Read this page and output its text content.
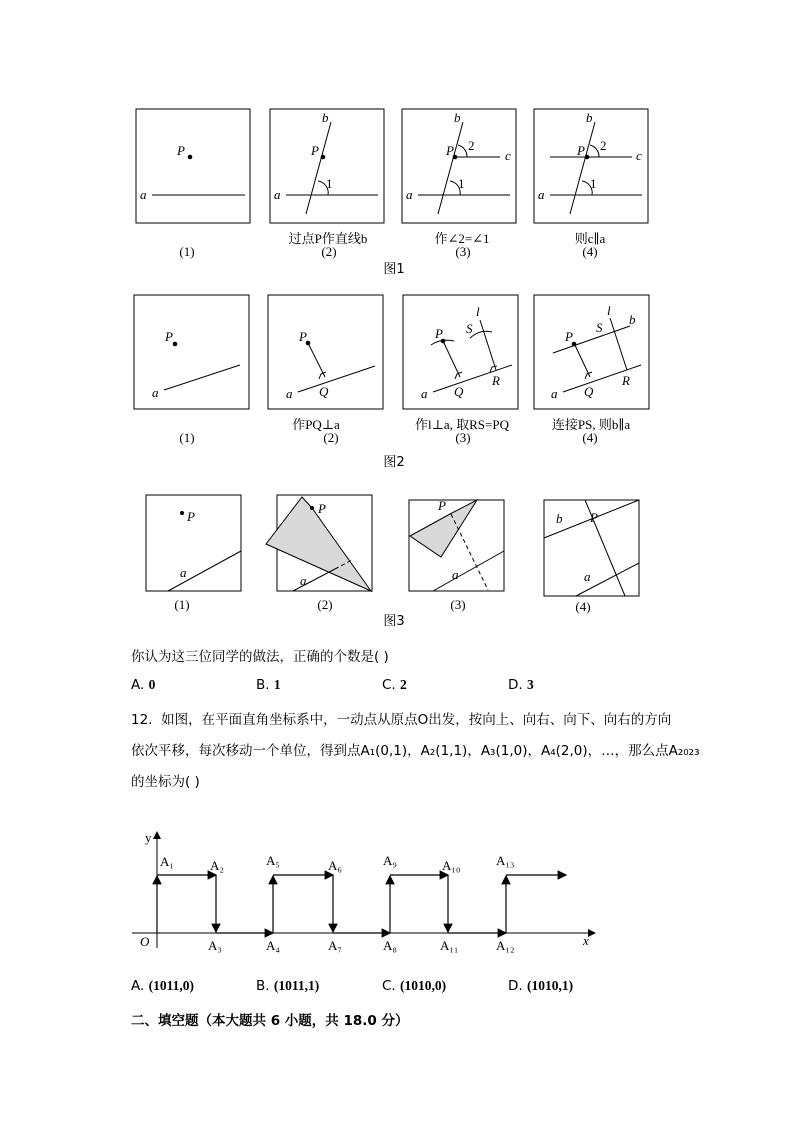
P
a	a
P
b
1
a
P
b
c
2
1
a
P
b
c
2
1
过点P作直线b	作∠2=∠1	则c∥a
(1)	(2)	(3)	(4)
图1
P
a	a
P
Q	a
P
l
S
Q
R
a
b
P
l
S
Q
R
作PQ⊥a	作l⊥a, 取RS=PQ	连接PS, 则b∥a
(1)	(2)	(3)	(4)
图2
P
a
P
a
P
a
b P
a
(1)	(2)	(3)	(4)
图3
你认为这三位同学的做法，正确的个数是( )
A. 0	B. 1	C. 2	D. 3
12. 如图，在平面直角坐标系中，一动点从原点O出发，按向上、向右、向下、向右的方向
依次平移，每次移动一个单位，得到点A₁(0,1)，A₂(1,1)，A₃(1,0)，A₄(2,0)，…，那么点A₂₀₂₃
的坐标为( )
y
x
O
A₁	A₂	A₅	A₆	A₉	A₁₀	A₁₃
A₃	A₄	A₇	A₈	A₁₁	A₁₂
A. (1011,0)	B. (1011,1)	C. (1010,0)	D. (1010,1)
二、填空题（本大题共 6 小题，共 18.0 分）
